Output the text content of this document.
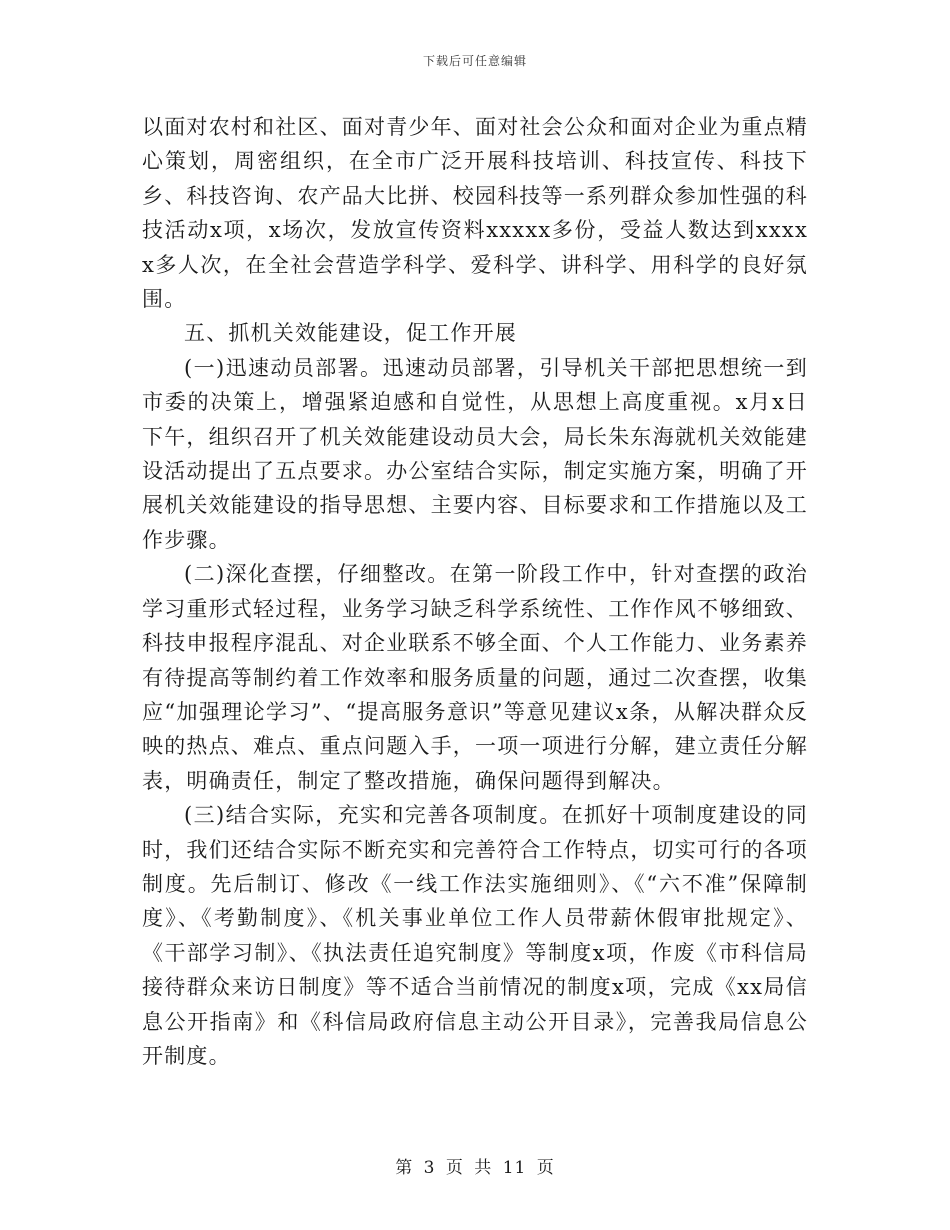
下载后可任意编辑

以面对农村和社区、面对青少年、面对社会公众和面对企业为重点精心策划，周密组织，在全市广泛开展科技培训、科技宣传、科技下乡、科技咨询、农产品大比拼、校园科技等一系列群众参加性强的科技活动x项，x场次，发放宣传资料xxxxx多份，受益人数达到xxxxx多人次，在全社会营造学科学、爱科学、讲科学、用科学的良好氛围。

五、抓机关效能建设，促工作开展

(一)迅速动员部署。迅速动员部署，引导机关干部把思想统一到市委的决策上，增强紧迫感和自觉性，从思想上高度重视。x月x日下午，组织召开了机关效能建设动员大会，局长朱东海就机关效能建设活动提出了五点要求。办公室结合实际，制定实施方案，明确了开展机关效能建设的指导思想、主要内容、目标要求和工作措施以及工作步骤。

(二)深化查摆，仔细整改。在第一阶段工作中，针对查摆的政治学习重形式轻过程，业务学习缺乏科学系统性、工作作风不够细致、科技申报程序混乱、对企业联系不够全面、个人工作能力、业务素养有待提高等制约着工作效率和服务质量的问题，通过二次查摆，收集应“加强理论学习”、“提高服务意识”等意见建议x条，从解决群众反映的热点、难点、重点问题入手，一项一项进行分解，建立责任分解表，明确责任，制定了整改措施，确保问题得到解决。

(三)结合实际，充实和完善各项制度。在抓好十项制度建设的同时，我们还结合实际不断充实和完善符合工作特点，切实可行的各项制度。先后制订、修改《一线工作法实施细则》、《“六不准”保障制度》、《考勤制度》、《机关事业单位工作人员带薪休假审批规定》、《干部学习制》、《执法责任追究制度》等制度x项，作废《市科信局接待群众来访日制度》等不适合当前情况的制度x项，完成《xx局信息公开指南》和《科信局政府信息主动公开目录》，完善我局信息公开制度。

第 3 页 共 11 页
